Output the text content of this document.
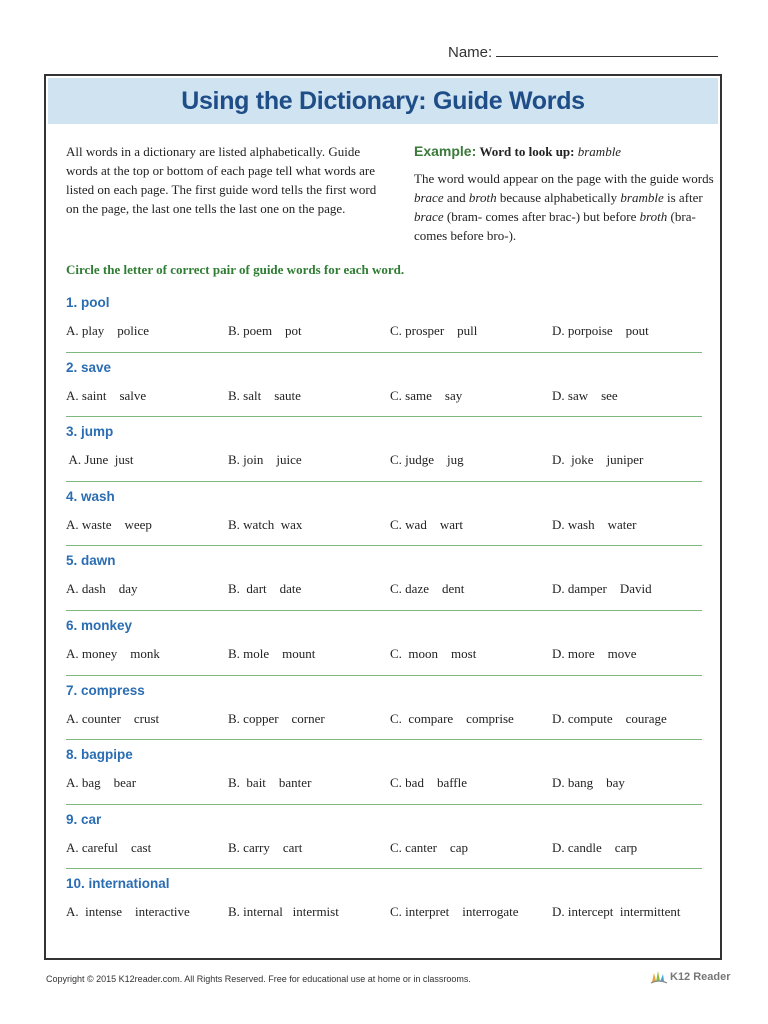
Name:
Using the Dictionary: Guide Words
All words in a dictionary are listed alphabetically. Guide words at the top or bottom of each page tell what words are listed on each page. The first guide word tells the first word on the page, the last one tells the last one on the page.
Example: Word to look up: bramble
The word would appear on the page with the guide words brace and broth because alphabetically bramble is after brace (bram- comes after brac-) but before broth (bra- comes before bro-).
Circle the letter of correct pair of guide words for each word.
1. pool
A. play    police	B. poem    pot	C. prosper    pull	D. porpoise    pout
2. save
A. saint    salve	B. salt    saute	C. same    say	D. saw    see
3. jump
A. June  just	B. join    juice	C. judge    jug	D.  joke    juniper
4. wash
A. waste    weep	B. watch  wax	C. wad    wart	D. wash    water
5. dawn
A. dash    day	B.  dart    date	C. daze    dent	D. damper    David
6. monkey
A. money    monk	B. mole    mount	C.  moon    most	D. more    move
7. compress
A. counter    crust	B. copper    corner	C.  compare    comprise	D. compute    courage
8. bagpipe
A. bag    bear	B.  bait    banter	C. bad    baffle	D. bang    bay
9. car
A. careful    cast	B. carry    cart	C. canter    cap	D. candle    carp
10. international
A.  intense    interactive	B. internal   intermist	C. interpret    interrogate	D. intercept  intermittent
Copyright © 2015 K12reader.com. All Rights Reserved. Free for educational use at home or in classrooms.	K12 Reader
